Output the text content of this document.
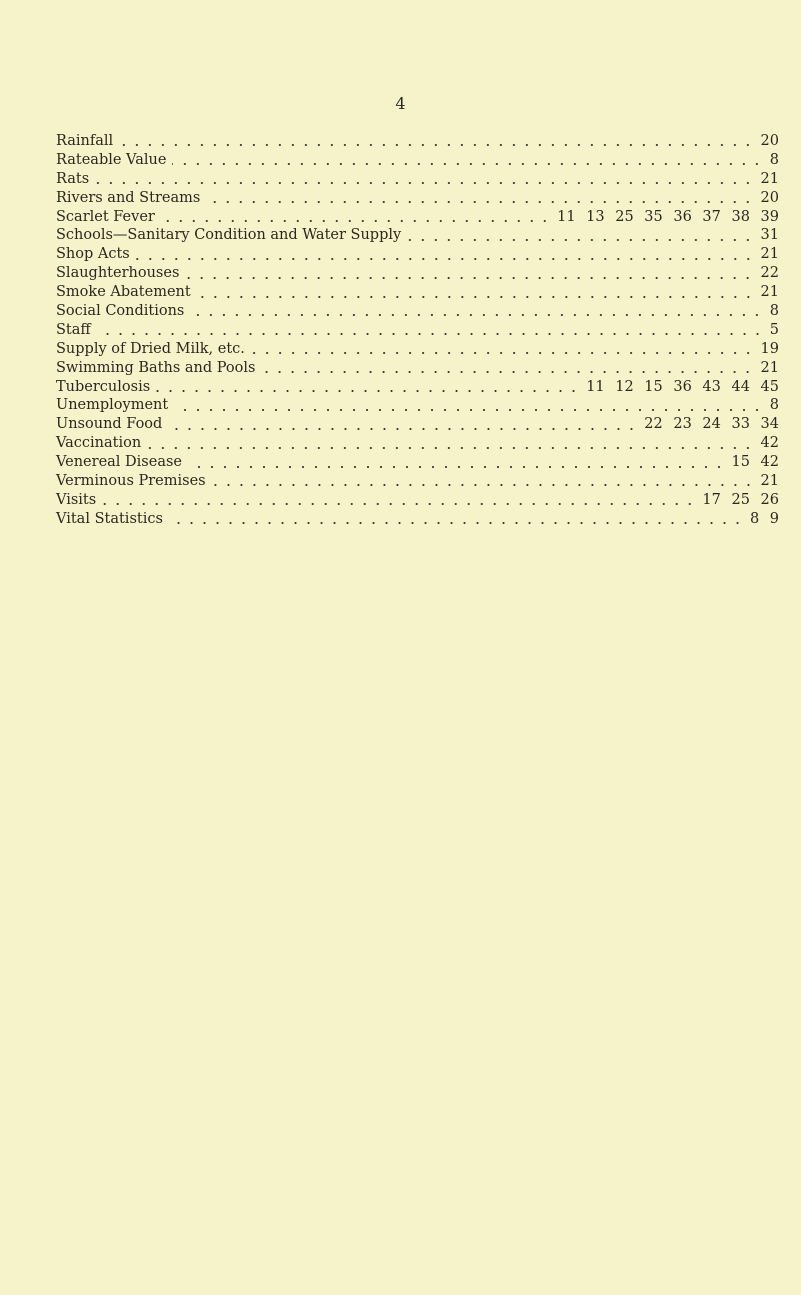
4
Rainfall	20
Rateable Value	8
Rats	21
Rivers and Streams	20
Scarlet Fever	11 13 25 35 36 37 38 39
Schools—Sanitary Condition and Water Supply	31
Shop Acts	21
Slaughterhouses	22
Smoke Abatement	21
Social Conditions	8
Staff	5
Supply of Dried Milk, etc.	19
Swimming Baths and Pools	21
Tuberculosis	11 12 15 36 43 44 45
Unemployment	8
Unsound Food	22 23 24 33 34
Vaccination	42
Venereal Disease	15 42
Verminous Premises	21
Visits	17 25 26
Vital Statistics	8 9
